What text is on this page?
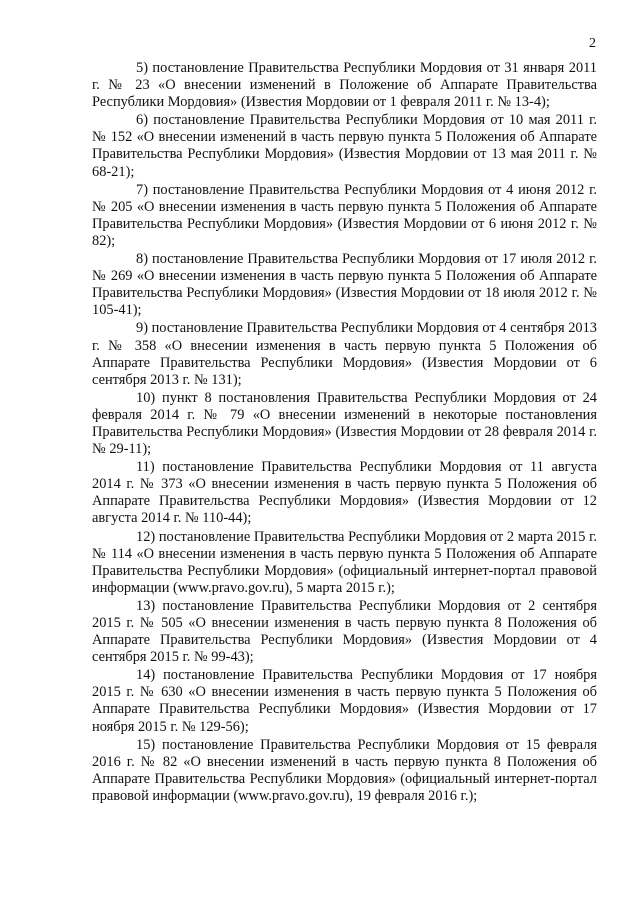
2

5) постановление Правительства Республики Мордовия от 31 января 2011 г. № 23 «О внесении изменений в Положение об Аппарате Правительства Республики Мордовия» (Известия Мордовии от 1 февраля 2011 г. № 13-4);

6) постановление Правительства Республики Мордовия от 10 мая 2011 г. № 152 «О внесении изменений в часть первую пункта 5 Положения об Аппарате Правительства Республики Мордовия» (Известия Мордовии от 13 мая 2011 г. № 68-21);

7) постановление Правительства Республики Мордовия от 4 июня 2012 г. № 205 «О внесении изменения в часть первую пункта 5 Положения об Аппарате Правительства Республики Мордовия» (Известия Мордовии от 6 июня 2012 г. № 82);

8) постановление Правительства Республики Мордовия от 17 июля 2012 г. № 269 «О внесении изменения в часть первую пункта 5 Положения об Аппарате Правительства Республики Мордовия» (Известия Мордовии от 18 июля 2012 г. № 105-41);

9) постановление Правительства Республики Мордовия от 4 сентября 2013 г. № 358 «О внесении изменения в часть первую пункта 5 Положения об Аппарате Правительства Республики Мордовия» (Известия Мордовии от 6 сентября 2013 г. № 131);

10) пункт 8 постановления Правительства Республики Мордовия от 24 февраля 2014 г. № 79 «О внесении изменений в некоторые постановления Правительства Республики Мордовия» (Известия Мордовии от 28 февраля 2014 г. № 29-11);

11) постановление Правительства Республики Мордовия от 11 августа 2014 г. № 373 «О внесении изменения в часть первую пункта 5 Положения об Аппарате Правительства Республики Мордовия» (Известия Мордовии от 12 августа 2014 г. № 110-44);

12) постановление Правительства Республики Мордовия от 2 марта 2015 г. № 114 «О внесении изменения в часть первую пункта 5 Положения об Аппарате Правительства Республики Мордовия» (официальный интернет-портал правовой информации (www.pravo.gov.ru), 5 марта 2015 г.);

13) постановление Правительства Республики Мордовия от 2 сентября 2015 г. № 505 «О внесении изменения в часть первую пункта 8 Положения об Аппарате Правительства Республики Мордовия» (Известия Мордовии от 4 сентября 2015 г. № 99-43);

14) постановление Правительства Республики Мордовия от 17 ноября 2015 г. № 630 «О внесении изменения в часть первую пункта 5 Положения об Аппарате Правительства Республики Мордовия» (Известия Мордовии от 17 ноября 2015 г. № 129-56);

15) постановление Правительства Республики Мордовия от 15 февраля 2016 г. № 82 «О внесении изменений в часть первую пункта 8 Положения об Аппарате Правительства Республики Мордовия» (официальный интернет-портал правовой информации (www.pravo.gov.ru), 19 февраля 2016 г.);
